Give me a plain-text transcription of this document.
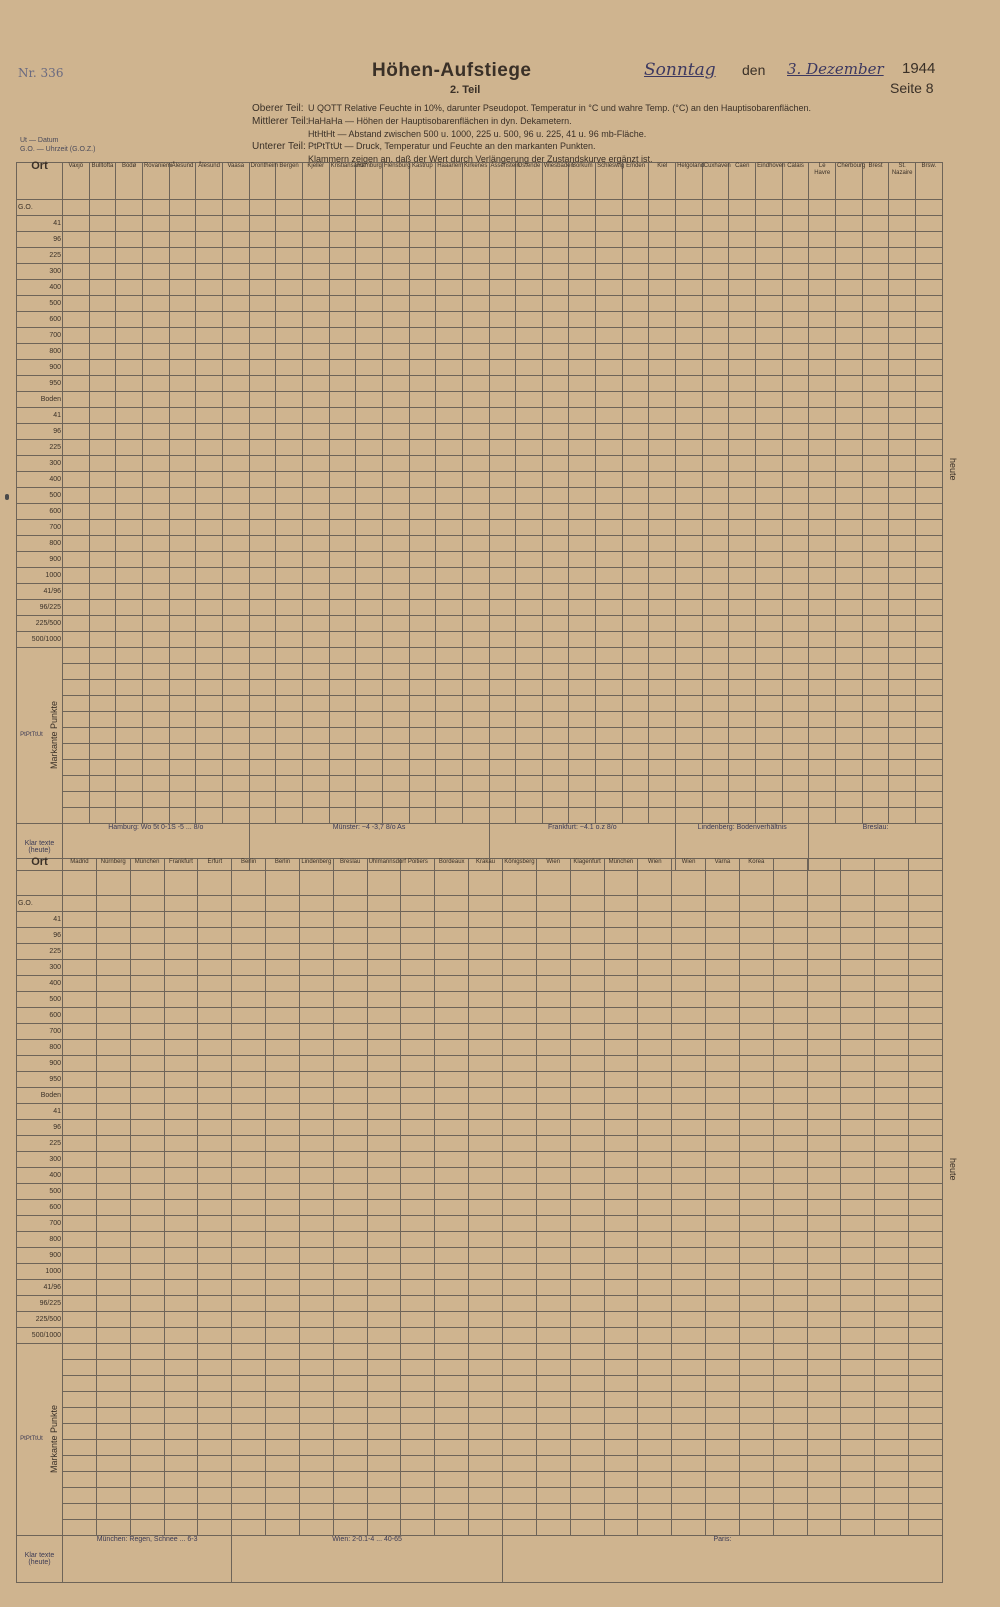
Nr. 336	Höhen-Aufstiege
2. Teil
Sonntag den 3. Dezember 1944
Seite 8
Oberer Teil: U QOTT Relative Feuchte in 10%, darunter Pseudopot. Temperatur in °C und wahre Temp. (°C) an den Hauptisobarenflächen.
Mittlerer Teil:HaHaHa — Höhen der Hauptisobarenflächen in dyn. Dekametern.
HtHtHt — Abstand zwischen 500 u. 1000, 225 u. 500, 96 u. 225, 41 u. 96 mb-Fläche.
Unterer Teil: PtPtTtUt — Druck, Temperatur und Feuchte an den markanten Punkten.
Klammern zeigen an, daß der Wert durch Verlängerung der Zustandskurve ergänzt ist.
Ut — Datum
G.O. — Uhrzeit (G.O.Z.)
Ort	Vaxjö	Bulltofta	Bodø	Rovaniemi	Ålesund	Ålesund	Vaasa	Drontheim	Bergen	Kjeller	Kristiansand	Hamburg	Flensburg	Kastrup	Haaarlem	Kirkenes	Assenstein	Ostende	Wiesbaden	Borkum	Schleswig	Emden	Kiel	Helgoland	Cuxhaven	Caen	Eindhoven	Calais	Le Havre	Cherbourg	Brest	St. Nazaire	Brsw.
G.O.																																	
41																																	
96																																	
225																																	
300																																	
400																																	
500																																	
600																																	
700																																	
800																																	
900																																	
950																																	
Boden																																	
41																																	
96																																	
225																																	
300																																	
400																																	
500																																	
600																																	
700																																	
800																																	
900																																	
1000																																	
41/96																																	
96/225																																	
225/500																																	
500/1000																																	

PtPtTtUt Markante Punkte																																	

Klar texte (heute)	Hamburg: Wo 5t 0-1S -5 ... 8/o							Münster: ~4 -3,7 8/o As									Frankfurt: ~4.1 o.z 8/o							Lindenberg: Bodenverhältnis					Breslau:				
Ort	Madrid	Nürnberg	München	Frankfurt	Erfurt	Berlin	Berlin	Lindenberg	Breslau	Uhlmannsdorf	Poitiers	Bordeaux	Krakau	Königsberg	Wien	Klagenfurt	München	Wien	Wien	Varna	Korea					
G.O.																										
41																										
96																										
225																										
300																										
400																										
500																										
600																										
700																										
800																										
900																										
950																										
Boden																										
41																										
96																										
225																										
300																										
400																										
500																										
600																										
700																										
800																										
900																										
1000																										
41/96																										
96/225																										
225/500																										
500/1000																										

PtPtTtUt Markante Punkte																										

Klar texte (heute)	München: Regen, Schnee ... 6-3					Wien: 2-0.1-4 ... 40-65								Paris:												
heute
heute
